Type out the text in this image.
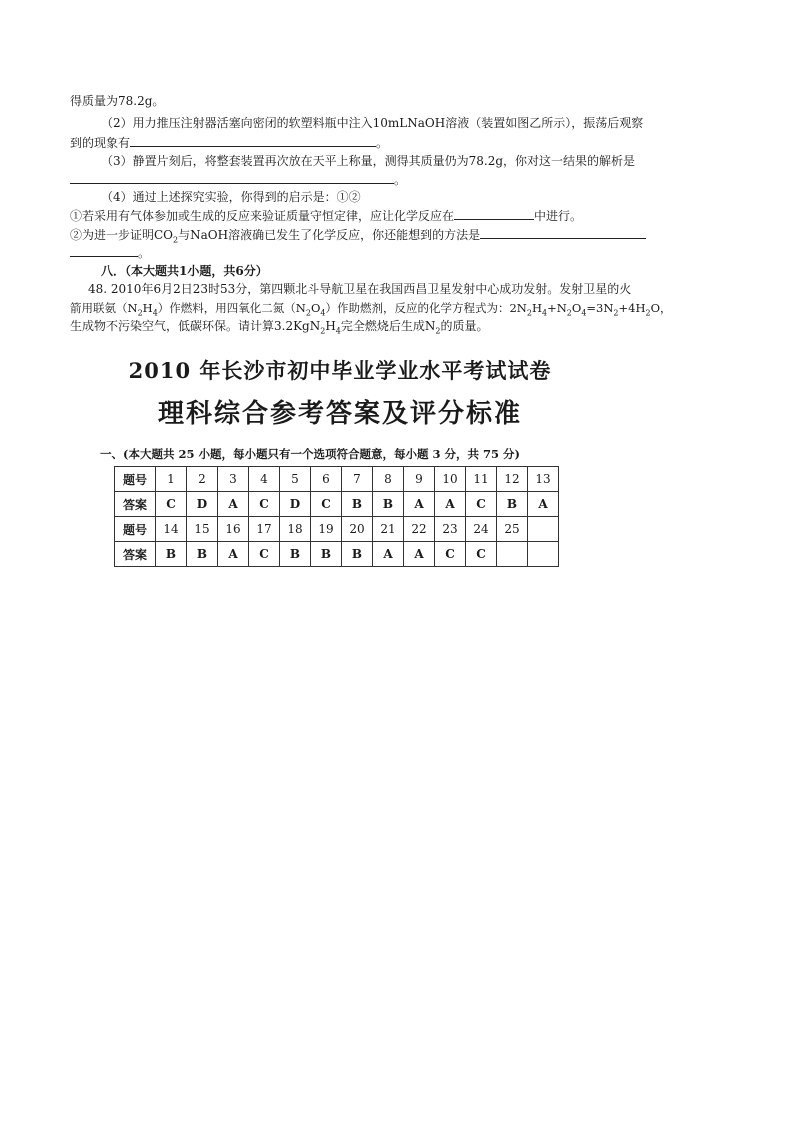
得质量为78.2g。
（2）用力推压注射器活塞向密闭的软塑料瓶中注入10mLNaOH溶液（装置如图乙所示），振荡后观察
到的现象有	。
（3）静置片刻后，将整套装置再次放在天平上称量，测得其质量仍为78.2g，你对这一结果的解析是
。
（4）通过上述探究实验，你得到的启示是：①②
①若采用有气体参加或生成的反应来验证质量守恒定律，应让化学反应在	中进行。
②为进一步证明$CO_2$与NaOH溶液确已发生了化学反应，你还能想到的方法是
。
八．（本大题共1小题，共6分）
48. 2010年6月2日23时53分，第四颗北斗导航卫星在我国西昌卫星发射中心成功发射。发射卫星的火
箭用联氨$(N_2H_4)$作燃料，用四氧化二氮$(N_2O_4)$作助燃剂，反应的化学方程式为：$2N_2H_4+N_2O_4=3N_2+4H_2O$，
生成物不污染空气，低碳环保。请计算$3.2KgN_2H_4$完全燃烧后生成$N_2$的质量。
2010 年长沙市初中毕业学业水平考试试卷
理科综合参考答案及评分标准
一、(本大题共 25 小题，每小题只有一个选项符合题意，每小题 3 分，共 75 分)
题号	1	2	3	4	5	6	7	8	9	10	11	12	13
答案	C	D	A	C	D	C	B	B	A	A	C	B	A
题号	14	15	16	17	18	19	20	21	22	23	24	25	
答案	B	B	A	C	B	B	B	A	A	C	C		
